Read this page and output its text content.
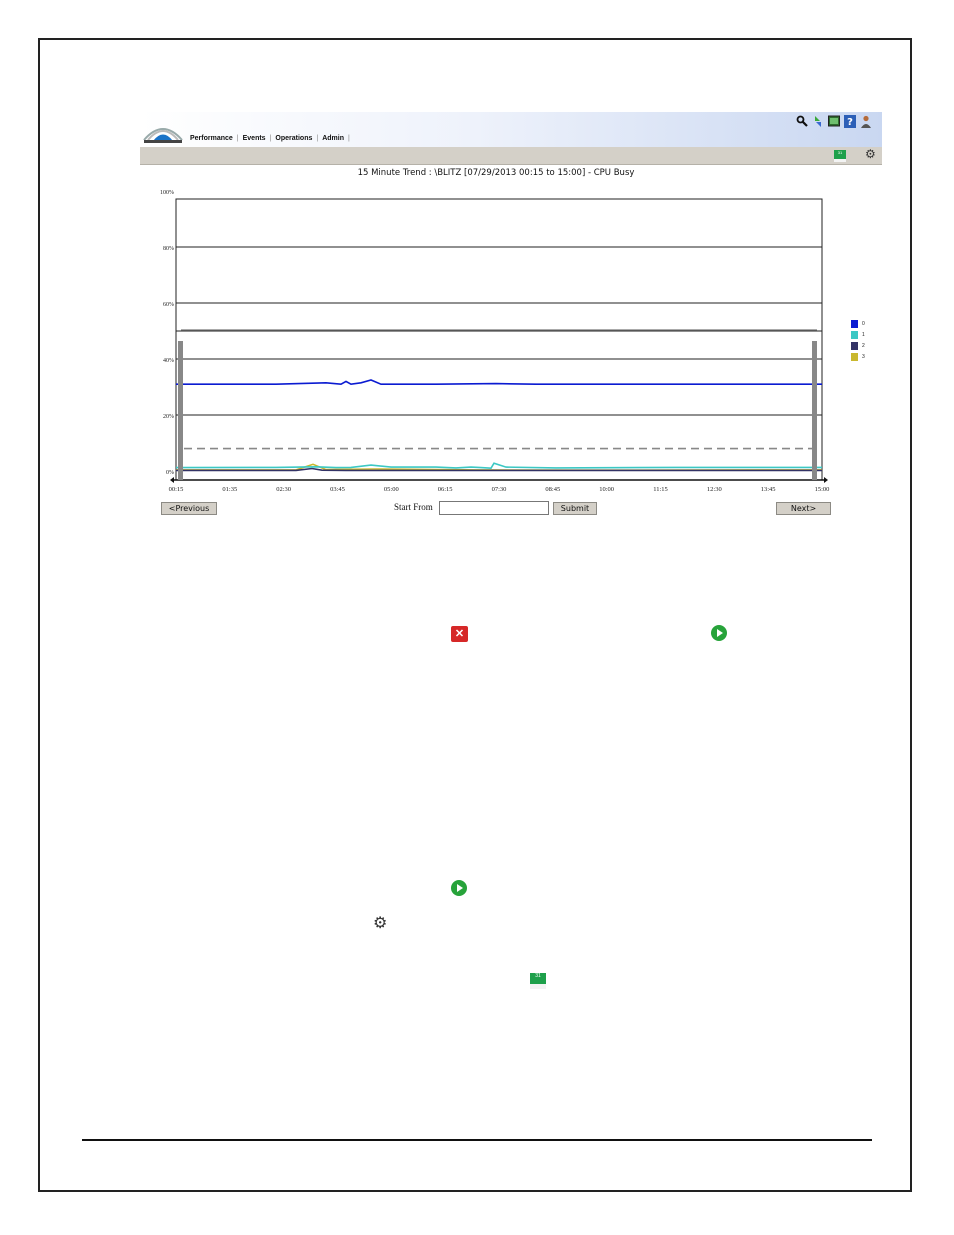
Performance | Events | Operations | Admin |
?
31	⚙
15 Minute Trend : \BLITZ [07/29/2013 00:15 to 15:00] - CPU Busy
0%
20%
40%
60%
80%
100%
00:15	01:35	02:30	03:45	05:00	06:15	07:30	08:45	10:00	11:15	12:30	13:45	15:00
0
1
2
3
<Previous	Start From	Submit	Next>
✕
⚙
31
